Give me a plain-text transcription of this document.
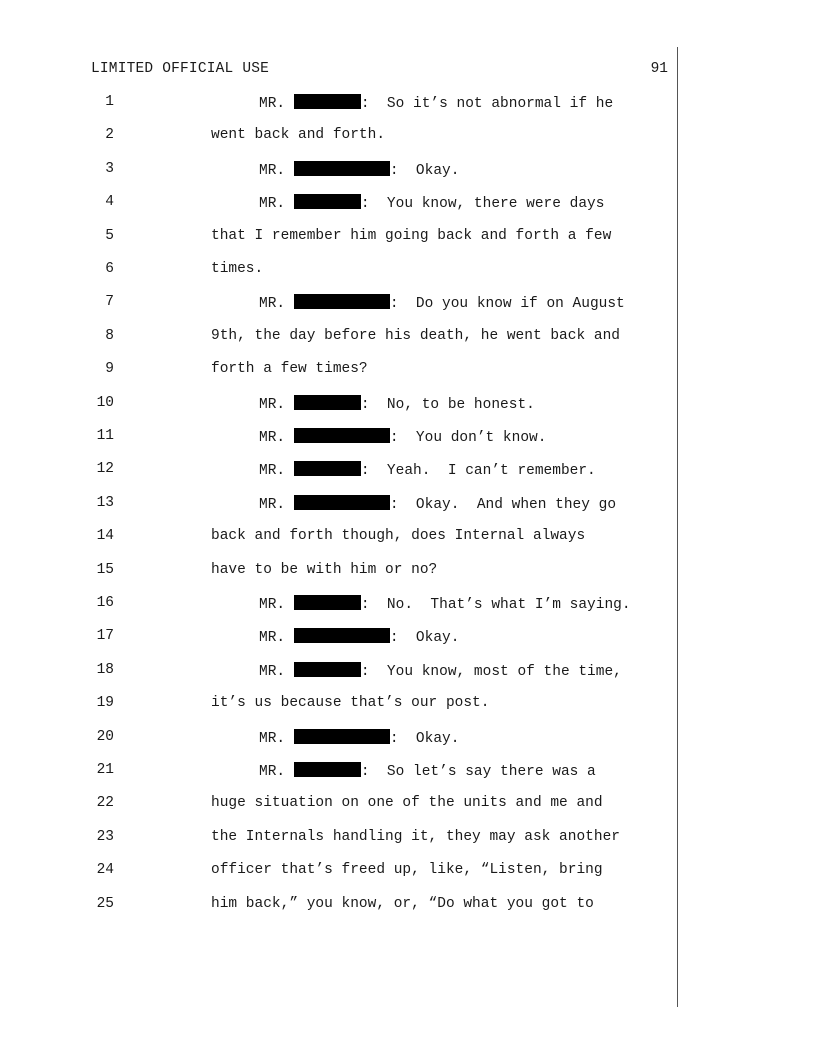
LIMITED OFFICIAL USE	91
1	MR.	:  So it’s not abnormal if he
2	went back and forth.
3	MR.	:  Okay.
4	MR.	:  You know, there were days
5	that I remember him going back and forth a few
6	times.
7	MR.	:  Do you know if on August
8	9th, the day before his death, he went back and
9	forth a few times?
10	MR.	:  No, to be honest.
11	MR.	:  You don’t know.
12	MR.	:  Yeah.  I can’t remember.
13	MR.	:  Okay.  And when they go
14	back and forth though, does Internal always
15	have to be with him or no?
16	MR.	:  No.  That’s what I’m saying.
17	MR.	:  Okay.
18	MR.	:  You know, most of the time,
19	it’s us because that’s our post.
20	MR.	:  Okay.
21	MR.	:  So let’s say there was a
22	huge situation on one of the units and me and
23	the Internals handling it, they may ask another
24	officer that’s freed up, like, “Listen, bring
25	him back,” you know, or, “Do what you got to
